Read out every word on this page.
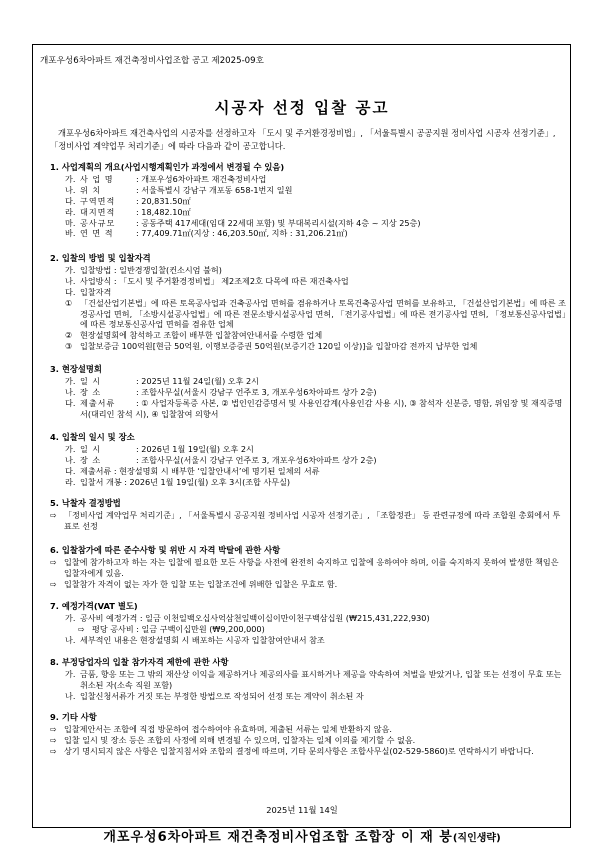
개포우성6차아파트 재건축정비사업조합 공고 제2025-09호
시공자 선정 입찰 공고
개포우성6차아파트 재건축사업의 시공자를 선정하고자 「도시 및 주거환경정비법」, 「서울특별시 공공지원 정비사업 시공자 선정기준」, 「정비사업 계약업무 처리기준」에 따라 다음과 같이 공고합니다.
1. 사업계획의 개요(사업시행계획인가 과정에서 변경될 수 있음)
가. 사 업 명	: 개포우성6차아파트 재건축정비사업
나. 위 치	: 서울특별시 강남구 개포동 658-1번지 일원
다. 구역면적	: 20,831.50㎡
라. 대지면적	: 18,482.10㎡
마. 공사규모	: 공동주택 417세대(임대 22세대 포함) 및 부대복리시설(지하 4층 ~ 지상 25층)
바. 연 면 적	: 77,409.71㎡(지상 : 46,203.50㎡, 지하 : 31,206.21㎡)
2. 입찰의 방법 및 입찰자격
가. 입찰방법 : 일반경쟁입찰(컨소시엄 불허)
나. 사업방식 : 「도시 및 주거환경정비법」 제2조제2호 다목에 따른 재건축사업
다. 입찰자격
① 「건설산업기본법」에 따른 토목공사업과 건축공사업 면허를 겸유하거나 토목건축공사업 면허를 보유하고, 「건설산업기본법」에 따른 조경공사업 면허, 「소방시설공사업법」에 따른 전문소방시설공사업 면허, 「전기공사업법」에 따른 전기공사업 면허, 「정보통신공사업법」에 따른 정보통신공사업 면허를 겸유한 업체
② 현장설명회에 참석하고 조합이 배부한 입찰참여안내서를 수령한 업체
③ 입찰보증금 100억원[현금 50억원, 이행보증증권 50억원(보증기간 120일 이상)]을 입찰마감 전까지 납부한 업체
3. 현장설명회
가. 일 시	: 2025년 11월 24일(월) 오후 2시
나. 장 소	: 조합사무실(서울시 강남구 언주로 3, 개포우성6차아파트 상가 2층)
다. 제출서류	: ① 사업자등록증 사본, ② 법인인감증명서 및 사용인감계(사용인감 사용 시), ③ 참석자 신분증, 명함, 위임장 및 재직증명서(대리인 참석 시), ④ 입찰참여 의향서
4. 입찰의 일시 및 장소
가. 일 시	: 2026년 1월 19일(월) 오후 2시
나. 장 소	: 조합사무실(서울시 강남구 언주로 3, 개포우성6차아파트 상가 2층)
다. 제출서류 : 현장설명회 시 배부한 ‘입찰안내서’에 명기된 일체의 서류
라. 입찰서 개봉 : 2026년 1월 19일(월) 오후 3시(조합 사무실)
5. 낙찰자 결정방법
⇨ 「정비사업 계약업무 처리기준」, 「서울특별시 공공지원 정비사업 시공자 선정기준」, 「조합정관」 등 관련규정에 따라 조합원 총회에서 투표로 선정
6. 입찰참가에 따른 준수사항 및 위반 시 자격 박탈에 관한 사항
⇨ 입찰에 참가하고자 하는 자는 입찰에 필요한 모든 사항을 사전에 완전히 숙지하고 입찰에 응하여야 하며, 이를 숙지하지 못하여 발생한 책임은 입찰자에게 있음.
⇨ 입찰참가 자격이 없는 자가 한 입찰 또는 입찰조건에 위배한 입찰은 무효로 함.
7. 예정가격(VAT 별도)
가. 공사비 예정가격 : 일금 이천일백오십사억삼천일백이십이만이천구백삼십원 (₩215,431,222,930)
⇨ 평당 공사비 : 일금 구백이십만원 (₩9,200,000)
나. 세부적인 내용은 현장설명회 시 배포하는 시공자 입찰참여안내서 참조
8. 부정당업자의 입찰 참가자격 제한에 관한 사항
가. 금품, 향응 또는 그 밖의 재산상 이익을 제공하거나 제공의사를 표시하거나 제공을 약속하여 처벌을 받았거나, 입찰 또는 선정이 무효 또는 취소된 자(소속 직원 포함)
나. 입찰신청서류가 거짓 또는 부정한 방법으로 작성되어 선정 또는 계약이 취소된 자
9. 기타 사항
⇨ 입찰제안서는 조합에 직접 방문하여 접수하여야 유효하며, 제출된 서류는 일체 반환하지 않음.
⇨ 입찰 일시 및 장소 등은 조합의 사정에 의해 변경될 수 있으며, 입찰자는 일체 이의를 제기할 수 없음.
⇨ 상기 명시되지 않은 사항은 입찰지침서와 조합의 결정에 따르며, 기타 문의사항은 조합사무실(02-529-5860)로 연락하시기 바랍니다.
2025년 11월 14일
개포우성6차아파트 재건축정비사업조합 조합장 이 재 붕(직인생략)
